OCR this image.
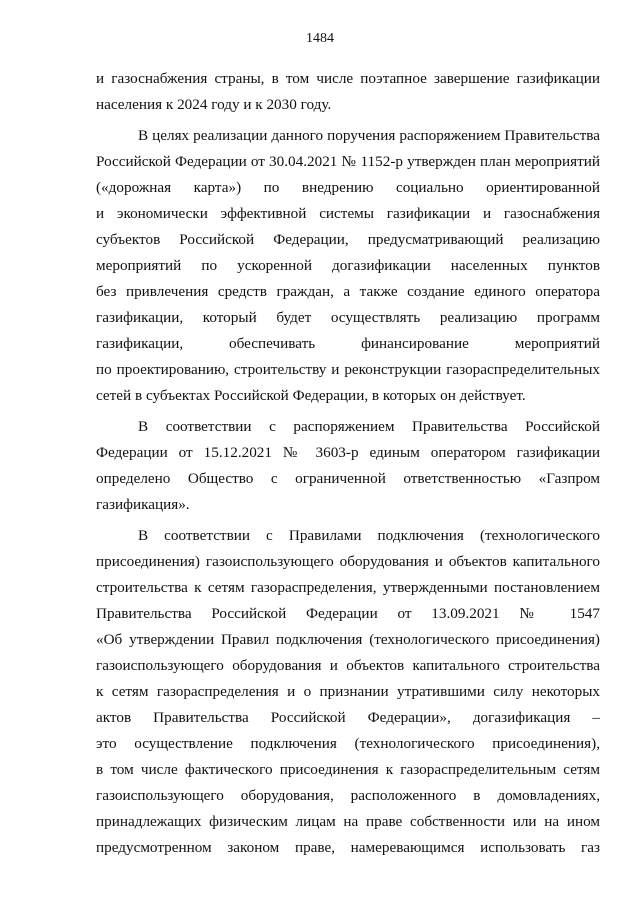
1484
и газоснабжения страны, в том числе поэтапное завершение газификации
населения к 2024 году и к 2030 году.
В целях реализации данного поручения распоряжением Правительства
Российской Федерации от 30.04.2021 № 1152-р утвержден план мероприятий
(«дорожная карта») по внедрению социально ориентированной
и экономически эффективной системы газификации и газоснабжения
субъектов Российской Федерации, предусматривающий реализацию
мероприятий по ускоренной догазификации населенных пунктов
без привлечения средств граждан, а также создание единого оператора
газификации, который будет осуществлять реализацию программ
газификации, обеспечивать финансирование мероприятий
по проектированию, строительству и реконструкции газораспределительных
сетей в субъектах Российской Федерации, в которых он действует.
В соответствии с распоряжением Правительства Российской
Федерации от 15.12.2021 № 3603-р единым оператором газификации
определено Общество с ограниченной ответственностью «Газпром
газификация».
В соответствии с Правилами подключения (технологического
присоединения) газоиспользующего оборудования и объектов капитального
строительства к сетям газораспределения, утвержденными постановлением
Правительства Российской Федерации от 13.09.2021 № 1547
«Об утверждении Правил подключения (технологического присоединения)
газоиспользующего оборудования и объектов капитального строительства
к сетям газораспределения и о признании утратившими силу некоторых
актов Правительства Российской Федерации», догазификация –
это осуществление подключения (технологического присоединения),
в том числе фактического присоединения к газораспределительным сетям
газоиспользующего оборудования, расположенного в домовладениях,
принадлежащих физическим лицам на праве собственности или на ином
предусмотренном законом праве, намеревающимся использовать газ
